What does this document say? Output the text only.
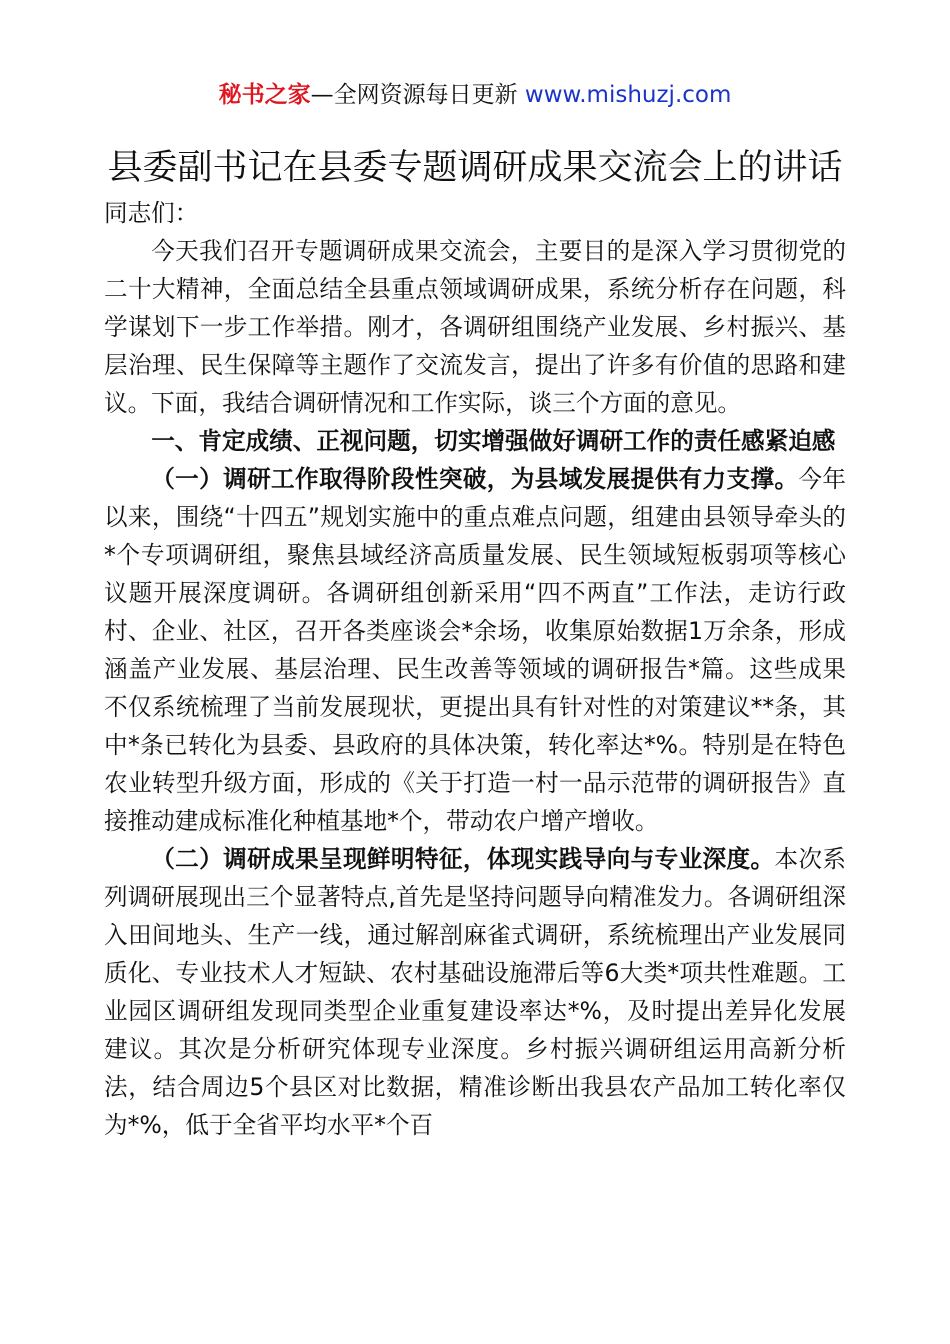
秘书之家—全网资源每日更新 www.mishuzj.com
县委副书记在县委专题调研成果交流会上的讲话

同志们：

今天我们召开专题调研成果交流会，主要目的是深入学习贯彻党的二十大精神，全面总结全县重点领域调研成果，系统分析存在问题，科学谋划下一步工作举措。刚才，各调研组围绕产业发展、乡村振兴、基层治理、民生保障等主题作了交流发言，提出了许多有价值的思路和建议。下面，我结合调研情况和工作实际，谈三个方面的意见。

一、肯定成绩、正视问题，切实增强做好调研工作的责任感紧迫感

（一）调研工作取得阶段性突破，为县域发展提供有力支撑。今年以来，围绕“十四五”规划实施中的重点难点问题，组建由县领导牵头的*个专项调研组，聚焦县域经济高质量发展、民生领域短板弱项等核心议题开展深度调研。各调研组创新采用“四不两直”工作法，走访行政村、企业、社区，召开各类座谈会*余场，收集原始数据1万余条，形成涵盖产业发展、基层治理、民生改善等领域的调研报告*篇。这些成果不仅系统梳理了当前发展现状，更提出具有针对性的对策建议**条，其中*条已转化为县委、县政府的具体决策，转化率达*%。特别是在特色农业转型升级方面，形成的《关于打造一村一品示范带的调研报告》直接推动建成标准化种植基地*个，带动农户增产增收。

（二）调研成果呈现鲜明特征，体现实践导向与专业深度。本次系列调研展现出三个显著特点,首先是坚持问题导向精准发力。各调研组深入田间地头、生产一线，通过解剖麻雀式调研，系统梳理出产业发展同质化、专业技术人才短缺、农村基础设施滞后等6大类*项共性难题。工业园区调研组发现同类型企业重复建设率达*%，及时提出差异化发展建议。其次是分析研究体现专业深度。乡村振兴调研组运用高新分析法，结合周边5个县区对比数据，精准诊断出我县农产品加工转化率仅为*%，低于全省平均水平*个百
